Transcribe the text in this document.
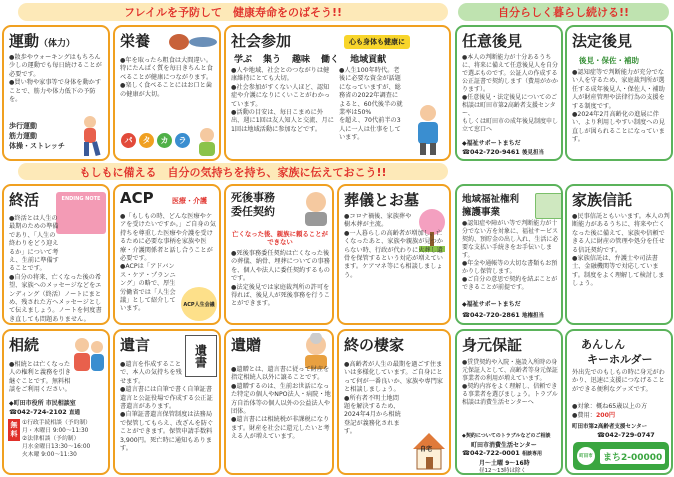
フレイルを予防して　健康寿命をのばそう!!	自分らしく暮らし続ける!!
運動（体力）

●散歩やウォーキングはもちろん少しの運動でも毎日続けることが必要です。

●買い物や家事等で身体を動かすことで、筋力や体力低下の予防を。

歩行運動

筋力運動

体操・ストレッチ

栄養

●年を取ったら粗食は大間違い。特にたんぱく質を毎日きちんと食べることが健康につながります。

●楽しく食べることにはお口と歯の健康が大切。

パ	タ	カ	ラ
社会参加	心も身体も健康に
学ぶ 集う 趣味 働く 地域貢献

●人や地域、社会とのつながりは健康維持にとても大切。

●社会参加がすくない人ほど、認知症や介護になりにくいことがわかっています。

●活動の目安は、毎日こまめに外出、週に1回は友人知人と交流、月に1回は地域活動に参加などです。

●人生100年時代。老後に必要な資金が話題になっていますが、総務省の2022年調査によると、60代後半の就業率は50%

を超え、70代前半の3人に一人は仕事をしています。

任意後見

●本人の判断能力が十分あるうちに、将来に備えて任意後見人を自分で選ぶものです。公証人の作成する公正証書で契約します（費用がかかります）。

●任意後見・法定後見についてのご相談は町田市第2高齢者支援センター、

もしくは町田市の成年後見制度申し立て窓口へ

◆福祉サポートまちだ
☎042-720-9461 後見担当
法定後見
後見・保佐・補助

●認知症等で判断能力が充分でない人を守るため、家庭裁判所が選任する成年後見人・保佐人・補助人が財産管理や法律行為の支援をする制度です。

●2024年2月高齢化の進展に伴い、より利用しやすい制度への見直しが図られることになっています。

もしもに備える　自分の気持ちを持ち、家族に伝えておこう!!
終活	ENDING NOTE

●終活とは人生の最期のための準備であり、「人生の終わりをどう迎えるか」について考え、生前に準備することです。

●自分の将来、亡くなった後の希望、家族へのメッセージなどをエンディング（終活）ノートにまとめ、残された方へメッセージとして伝えましょう。ノートを何度書き直しても問題ありません。

ACP	医療・介護

●「もしもの時、どんな医療やケアを受けたいですか。」ご自身の気持ちを尊重した医療や介護を受けるために必要な事柄を家族や医療・介護関係者と話し合うことが必要です。

●ACPは「アドバンス・ケア・プランニング」の略で、厚生労働省では「人生会議」として紹介しています。

ACP人生会議
死後事務
委任契約
亡くなった後、親族に頼ることができない

●死後事務委任契約は亡くなった後の葬儀、納骨、埋葬についての事務を、個人や法人に委任契約するものです。

●法定後見では家庭裁判所の許可を得れば、後見人が死後事務を行うことができます。

葬儀とお墓

●コロナ禍後、家族葬や樹木葬が主流。

●一人暮らしの高齢者が増加し、亡くなったあと、家族や親族が見つからない時、行政が代わりに火葬し遺骨を保管するという対応が増えています。ケアマネ等にも相談しましょう。

地域福祉権利
擁護事業

●認知症や障がい等で判断能力が十分でない方を対象に、福祉サービス契約、預貯金の出し入れ、生活に必要な支払い手続きをお手伝いします。

●年金や通帳等の大切な書類もお預かりし保管します。

●ご自分の意思で契約を結ぶことができることが前提です。

◆福祉サポートまちだ
☎042-720-2861 地権担当
家族信託

●民事信託ともいいます。本人の判断能力があるうちに、将来や亡くなった後に備えて、家族や信頼できる人に財産の管理や処分を任せる信託契約です。

●家族信託は、弁護士や司法書士、金融機関等で対応しています。制度をよく理解して検討しましょう。

相続

●相続とは亡くなった人の権利と義務を引き継ぐことです。無料相談をご利用ください。

◆町田市役所 市民相談室
☎042-724-2102 直通
無料

①行政手続相談（予約制）

月・木曜日 9:00～11:30

②法律相談（予約制）

月水金曜日13:30～16:00

火木曜 9:00～11:30

遺言	遺書

●遺言を作成することで、本人の気持ちを残せます。

●遺言書には自筆で書く自筆証書遺言と公証役場で作成する公正証書遺言があります。

●自筆証書遺言保管制度は法務局で保管してもらえ、改ざんを防ぐことができます。保管申請手数料3,900円。死亡時に通知もあります。

遺贈

●遺贈とは、遺言書に従って財産を指定相続人以外に譲ることです。

●遺贈するのは、生前お世話になった特定の個人やNPO法人・病院・地方自治体等の個人以外の公益法人や団体。

●遺言書には相続税が非課税になります。財産を社会に還元したいと考える人が増えています。

終の棲家

●高齢者が人生の最期を過ごす住まいは多様化しています。ご自身にとって何が一番良いか、家族や専門家と相談しましょう。

●所有者不明土地問題を解決するため、2024年4月から相続登記が義務化されます。

自宅
身元保証

●賃貸契約や入院・施設入所時の身元保証人として、高齢者等身元保証事業者の利用が増えています。

●契約内容をよく理解し、信頼できる事業者を選びましょう。トラブル相談は消費生活センターへ

◆契約についてのトラブルなどのご相談
町田市消費生活センター
☎042-722-0001 相談専用
月～土曜 9～16時
昼12～13時は除く
あんしん
キーホルダー

外出先でのもしもの時に身元がわかり、迅速に支援につなげることができる便利なグッズです。

●対象：概ね65歳以上の方
●費用：200円
町田市第2高齢者支援センター
☎042-729-0747
町田市	まち2-00000
